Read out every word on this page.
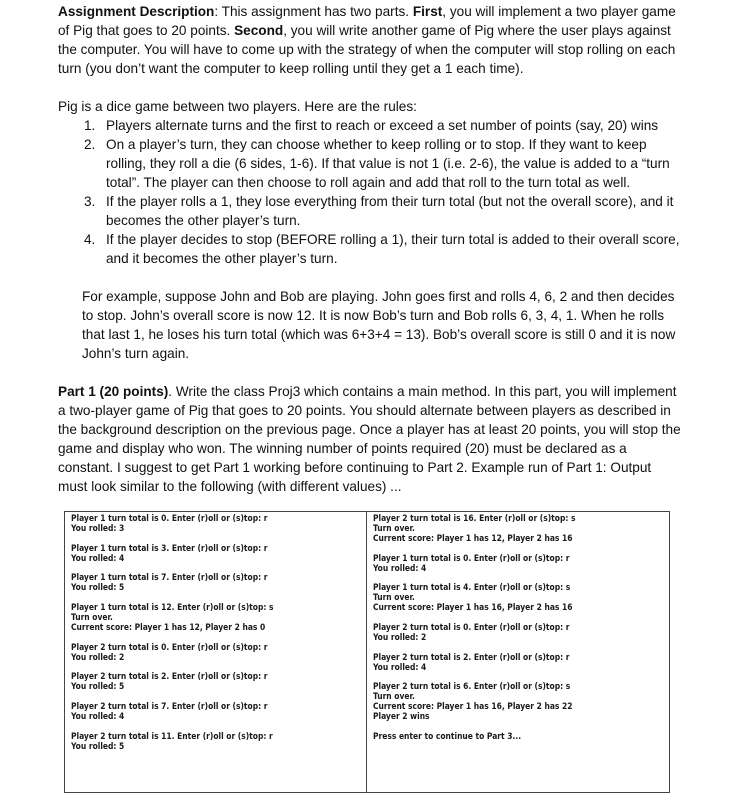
Assignment Description: This assignment has two parts. First, you will implement a two player game of Pig that goes to 20 points. Second, you will write another game of Pig where the user plays against the computer. You will have to come up with the strategy of when the computer will stop rolling on each turn (you don’t want the computer to keep rolling until they get a 1 each time).

Pig is a dice game between two players. Here are the rules:

1. Players alternate turns and the first to reach or exceed a set number of points (say, 20) wins
2. On a player’s turn, they can choose whether to keep rolling or to stop. If they want to keep rolling, they roll a die (6 sides, 1-6). If that value is not 1 (i.e. 2-6), the value is added to a “turn total”. The player can then choose to roll again and add that roll to the turn total as well.
3. If the player rolls a 1, they lose everything from their turn total (but not the overall score), and it becomes the other player’s turn.
4. If the player decides to stop (BEFORE rolling a 1), their turn total is added to their overall score, and it becomes the other player’s turn.

For example, suppose John and Bob are playing. John goes first and rolls 4, 6, 2 and then decides to stop. John’s overall score is now 12. It is now Bob’s turn and Bob rolls 6, 3, 4, 1. When he rolls that last 1, he loses his turn total (which was 6+3+4 = 13). Bob’s overall score is still 0 and it is now John’s turn again.

Part 1 (20 points). Write the class Proj3 which contains a main method. In this part, you will implement a two-player game of Pig that goes to 20 points. You should alternate between players as described in the background description on the previous page. Once a player has at least 20 points, you will stop the game and display who won. The winning number of points required (20) must be declared as a constant. I suggest to get Part 1 working before continuing to Part 2. Example run of Part 1: Output must look similar to the following (with different values) ...

Player 1 turn total is 0. Enter (r)oll or (s)top: r
You rolled: 3
Player 1 turn total is 3. Enter (r)oll or (s)top: r
You rolled: 4
Player 1 turn total is 7. Enter (r)oll or (s)top: r
You rolled: 5
Player 1 turn total is 12. Enter (r)oll or (s)top: s
Turn over.
Current score: Player 1 has 12, Player 2 has 0
Player 2 turn total is 0. Enter (r)oll or (s)top: r
You rolled: 2
Player 2 turn total is 2. Enter (r)oll or (s)top: r
You rolled: 5
Player 2 turn total is 7. Enter (r)oll or (s)top: r
You rolled: 4
Player 2 turn total is 11. Enter (r)oll or (s)top: r
You rolled: 5
Player 2 turn total is 16. Enter (r)oll or (s)top: s
Turn over.
Current score: Player 1 has 12, Player 2 has 16
Player 1 turn total is 0. Enter (r)oll or (s)top: r
You rolled: 4
Player 1 turn total is 4. Enter (r)oll or (s)top: s
Turn over.
Current score: Player 1 has 16, Player 2 has 16
Player 2 turn total is 0. Enter (r)oll or (s)top: r
You rolled: 2
Player 2 turn total is 2. Enter (r)oll or (s)top: r
You rolled: 4
Player 2 turn total is 6. Enter (r)oll or (s)top: s
Turn over.
Current score: Player 1 has 16, Player 2 has 22
Player 2 wins
Press enter to continue to Part 3...
